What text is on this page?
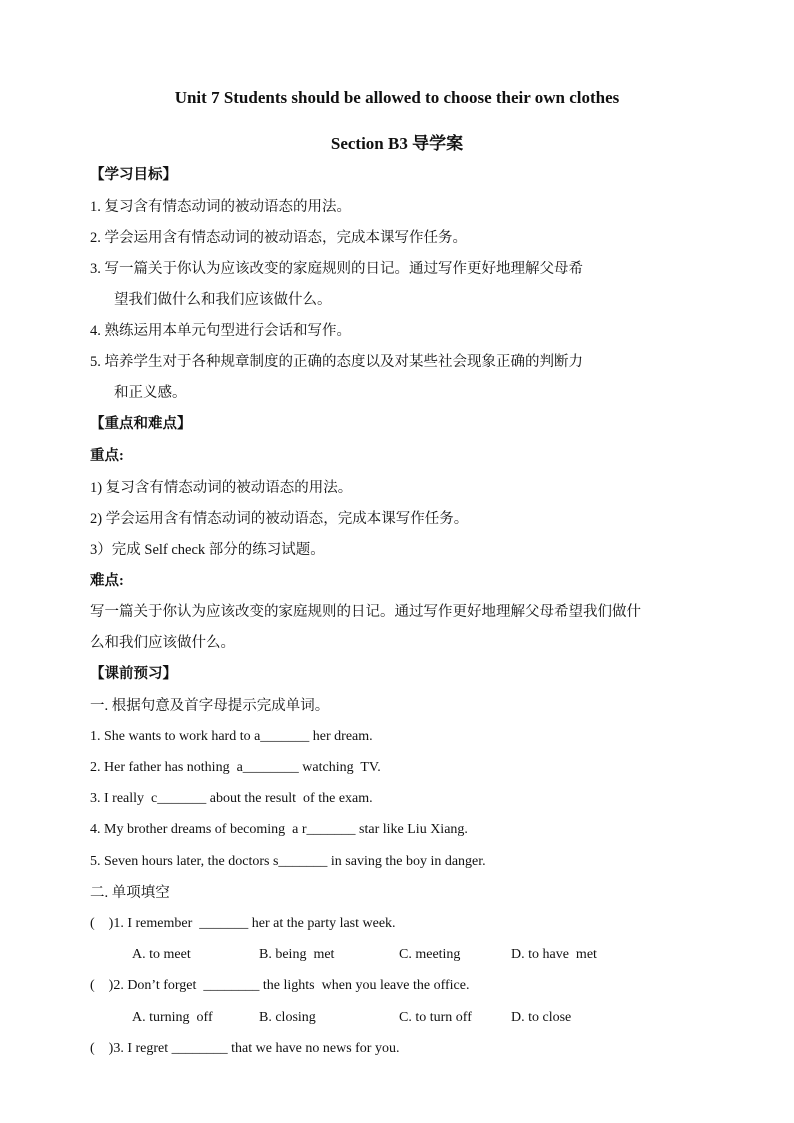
Unit 7 Students should be allowed to choose their own clothes
Section B3 导学案
【学习目标】
1. 复习含有情态动词的被动语态的用法。
2. 学会运用含有情态动词的被动语态，完成本课写作任务。
3. 写一篇关于你认为应该改变的家庭规则的日记。通过写作更好地理解父母希
望我们做什么和我们应该做什么。
4. 熟练运用本单元句型进行会话和写作。
5. 培养学生对于各种规章制度的正确的态度以及对某些社会现象正确的判断力
和正义感。
【重点和难点】
重点:
1) 复习含有情态动词的被动语态的用法。
2) 学会运用含有情态动词的被动语态，完成本课写作任务。
3）完成 Self check 部分的练习试题。
难点:
写一篇关于你认为应该改变的家庭规则的日记。通过写作更好地理解父母希望我们做什
么和我们应该做什么。
【课前预习】
一. 根据句意及首字母提示完成单词。
1. She wants to work hard to a_______ her dream.
2. Her father has nothing  a________ watching  TV.
3. I really  c_______ about the result  of the exam.
4. My brother dreams of becoming  a r_______ star like Liu Xiang.
5. Seven hours later, the doctors s_______ in saving the boy in danger.
二. 单项填空
(    )1. I remember  _______ her at the party last week.
A. to meet	B. being  met	C. meeting	D. to have  met
(    )2. Don’t forget  ________ the lights  when you leave the office.
A. turning  off	B. closing	C. to turn off	D. to close
(    )3. I regret ________ that we have no news for you.
